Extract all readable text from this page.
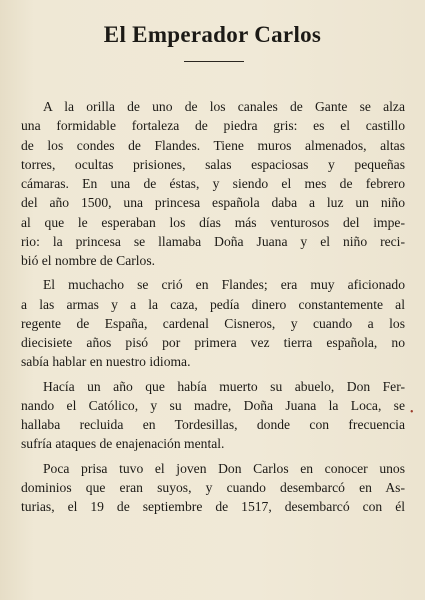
El Emperador Carlos
A la orilla de uno de los canales de Gante se alza
una formidable fortaleza de piedra gris: es el castillo
de los condes de Flandes. Tiene muros almenados, altas
torres, ocultas prisiones, salas espaciosas y pequeñas
cámaras. En una de éstas, y siendo el mes de febrero
del año 1500, una princesa española daba a luz un niño
al que le esperaban los días más venturosos del impe-
rio: la princesa se llamaba Doña Juana y el niño reci-
bió el nombre de Carlos.
El muchacho se crió en Flandes; era muy aficionado
a las armas y a la caza, pedía dinero constantemente al
regente de España, cardenal Cisneros, y cuando a los
diecisiete años pisó por primera vez tierra española, no
sabía hablar en nuestro idioma.
Hacía un año que había muerto su abuelo, Don Fer-
nando el Católico, y su madre, Doña Juana la Loca, se
hallaba recluida en Tordesillas, donde con frecuencia
sufría ataques de enajenación mental.
Poca prisa tuvo el joven Don Carlos en conocer unos
dominios que eran suyos, y cuando desembarcó en As-
turias, el 19 de septiembre de 1517, desembarcó con él
•
